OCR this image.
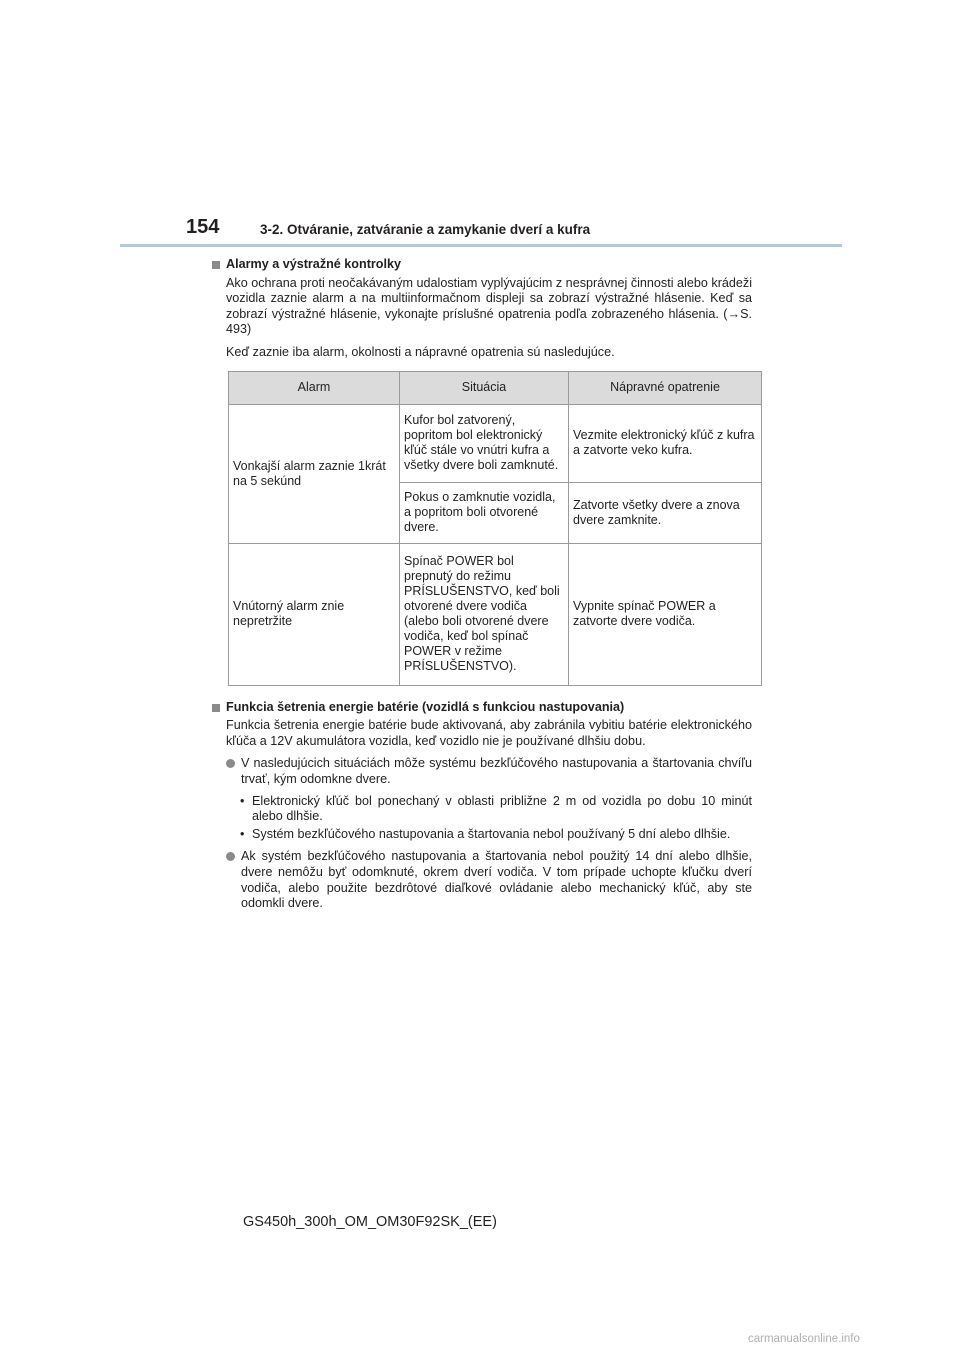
154	3-2. Otváranie, zatváranie a zamykanie dverí a kufra
Alarmy a výstražné kontrolky
Ako ochrana proti neočakávaným udalostiam vyplývajúcim z nesprávnej činnosti alebo krádeži vozidla zaznie alarm a na multiinformačnom displeji sa zobrazí výstražné hlásenie. Keď sa zobrazí výstražné hlásenie, vykonajte príslušné opatrenia podľa zobrazeného hlásenia. (→S. 493)
Keď zaznie iba alarm, okolnosti a nápravné opatrenia sú nasledujúce.
Alarm	Situácia	Nápravné opatrenie
Vonkajší alarm zaznie 1krát na 5 sekúnd	Kufor bol zatvorený, popritom bol elektronický kľúč stále vo vnútri kufra a všetky dvere boli zamknuté.	Vezmite elektronický kľúč z kufra a zatvorte veko kufra.
	Pokus o zamknutie vozidla, a popritom boli otvorené dvere.	Zatvorte všetky dvere a znova dvere zamknite.
Vnútorný alarm znie nepretržite	Spínač POWER bol prepnutý do režimu PRÍSLUŠENSTVO, keď boli otvorené dvere vodiča (alebo boli otvorené dvere vodiča, keď bol spínač POWER v režime PRÍSLUŠENSTVO).	Vypnite spínač POWER a zatvorte dvere vodiča.
Funkcia šetrenia energie batérie (vozidlá s funkciou nastupovania)
Funkcia šetrenia energie batérie bude aktivovaná, aby zabránila vybitiu batérie elektronického kľúča a 12V akumulátora vozidla, keď vozidlo nie je používané dlhšiu dobu.
V nasledujúcich situáciách môže systému bezkľúčového nastupovania a štartovania chvíľu trvať, kým odomkne dvere.
• Elektronický kľúč bol ponechaný v oblasti približne 2 m od vozidla po dobu 10 minút alebo dlhšie.
• Systém bezkľúčového nastupovania a štartovania nebol používaný 5 dní alebo dlhšie.
Ak systém bezkľúčového nastupovania a štartovania nebol použitý 14 dní alebo dlhšie, dvere nemôžu byť odomknuté, okrem dverí vodiča. V tom prípade uchopte kľučku dverí vodiča, alebo použite bezdrôtové diaľkové ovládanie alebo mechanický kľúč, aby ste odomkli dvere.
GS450h_300h_OM_OM30F92SK_(EE)
carmanualsonline.info
